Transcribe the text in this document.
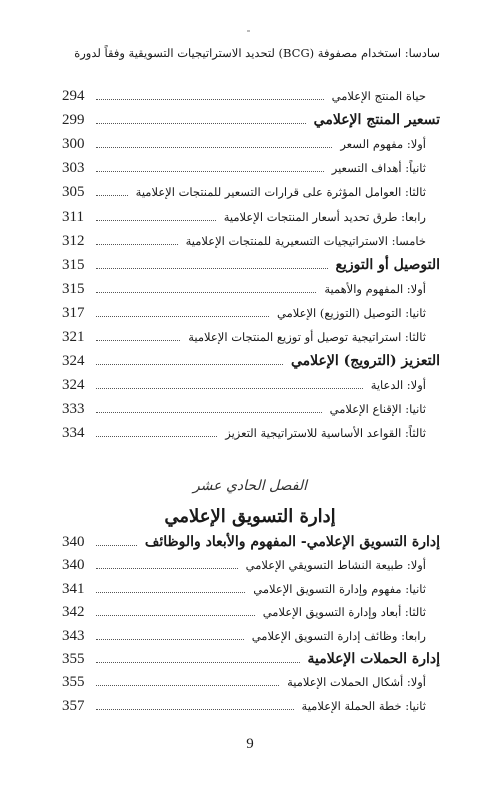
سادسا: استخدام مصفوفة (BCG) لتحديد الاستراتيجيات التسويقية وفقاً لدورة
حياة المنتج الإعلامي
294
تسعير المنتج الإعلامي
299
أولا: مفهوم السعر
300
ثانياً: أهداف التسعير
303
ثالثا: العوامل المؤثرة على قرارات التسعير للمنتجات الإعلامية
305
رابعا: طرق تحديد أسعار المنتجات الإعلامية
311
خامسا: الاستراتيجيات التسعيرية للمنتجات الإعلامية
312
التوصيل أو التوزيع
315
أولا: المفهوم والأهمية
315
ثانيا: التوصيل (التوزيع) الإعلامي
317
ثالثا: استراتيجية توصيل أو توزيع المنتجات الإعلامية
321
التعزيز (الترويج) الإعلامي
324
أولا: الدعاية
324
ثانيا: الإقناع الإعلامي
333
ثالثاً: القواعد الأساسية للاستراتيجية التعزيز
334
الفصل الحادي عشر
إدارة التسويق الإعلامي
إدارة التسويق الإعلامي- المفهوم والأبعاد والوظائف
340
أولا: طبيعة النشاط التسويقي الإعلامي
340
ثانيا: مفهوم وإدارة التسويق الإعلامي
341
ثالثا: أبعاد وإدارة التسويق الإعلامي
342
رابعا: وظائف إدارة التسويق الإعلامي
343
إدارة الحملات الإعلامية
355
أولا: أشكال الحملات الإعلامية
355
ثانيا: خطة الحملة الإعلامية
357
9
